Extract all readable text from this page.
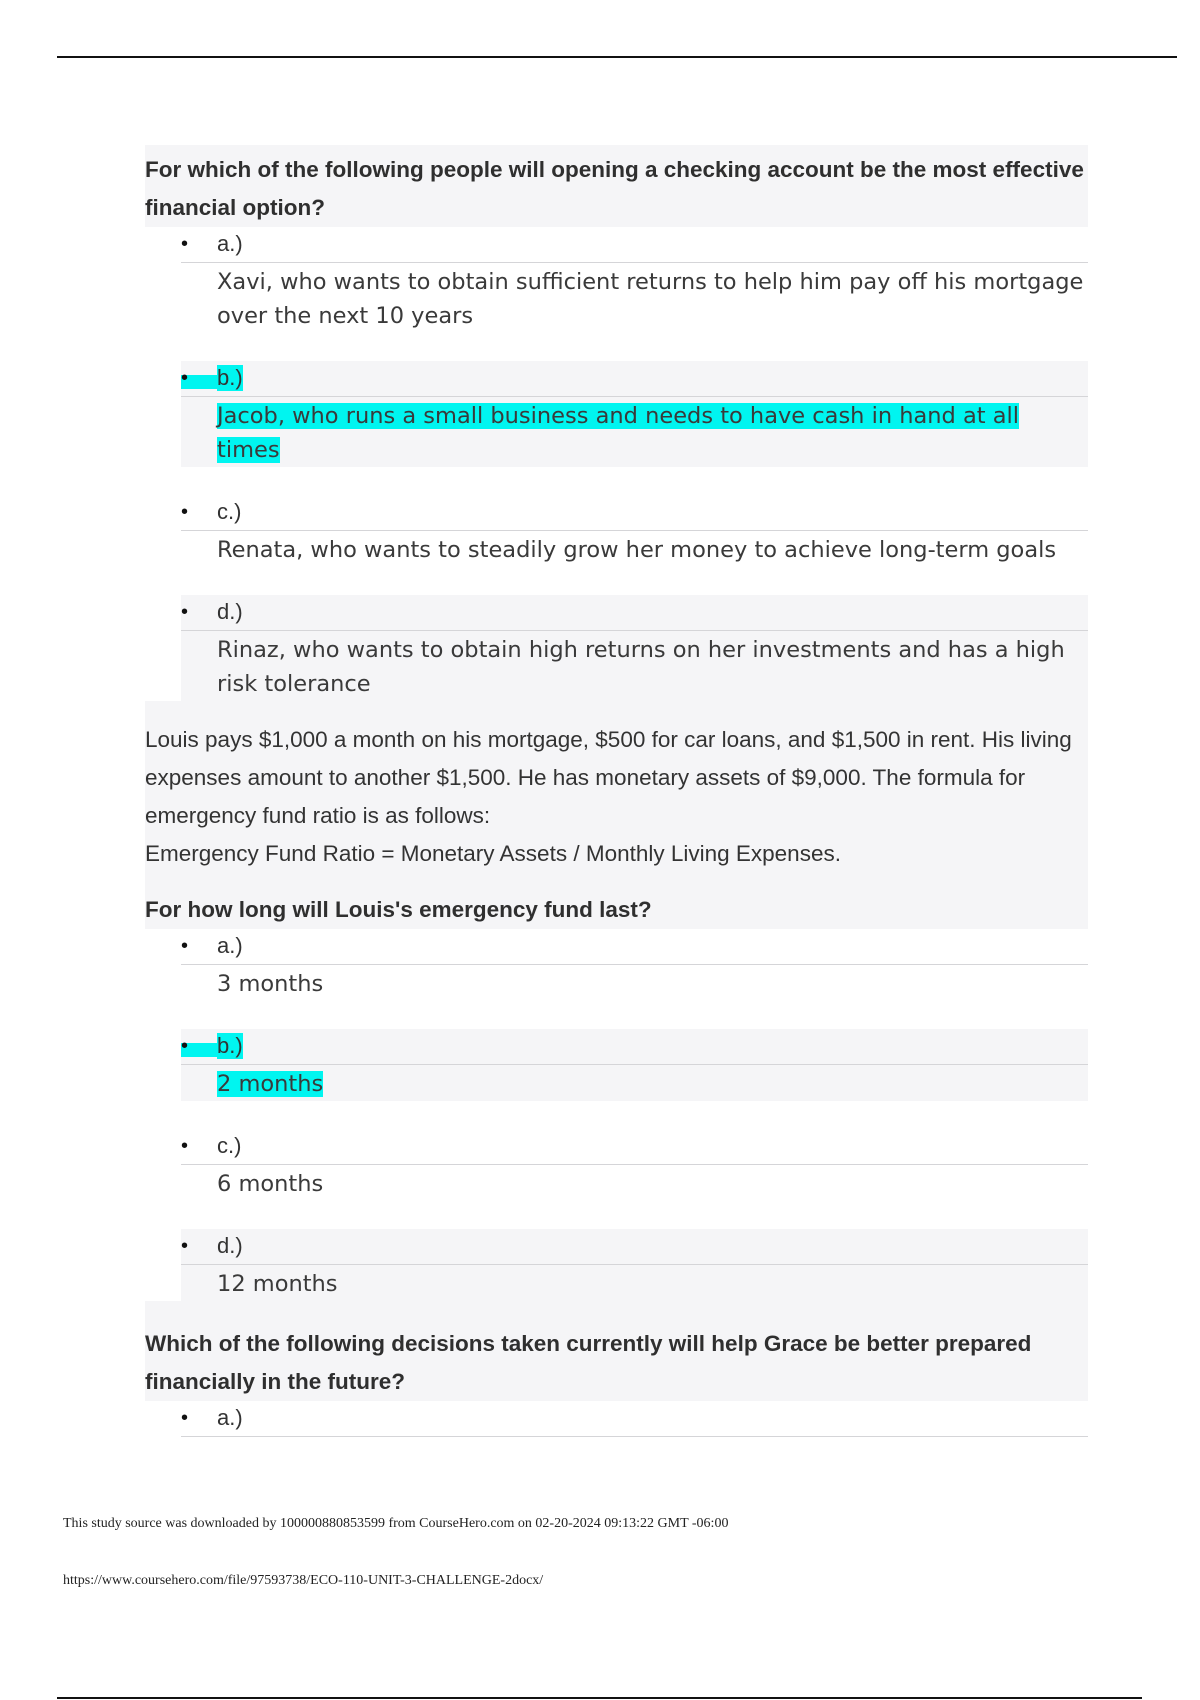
For which of the following people will opening a checking account be the most effective financial option?

• a.)
Xavi, who wants to obtain sufficient returns to help him pay off his mortgage over the next 10 years
• b.)
Jacob, who runs a small business and needs to have cash in hand at all times
• c.)
Renata, who wants to steadily grow her money to achieve long-term goals
• d.)
Rinaz, who wants to obtain high returns on her investments and has a high risk tolerance

Louis pays $1,000 a month on his mortgage, $500 for car loans, and $1,500 in rent. His living expenses amount to another $1,500. He has monetary assets of $9,000. The formula for emergency fund ratio is as follows:

Emergency Fund Ratio = Monetary Assets / Monthly Living Expenses.

For how long will Louis's emergency fund last?

• a.)
3 months
• b.)
2 months
• c.)
6 months
• d.)
12 months

Which of the following decisions taken currently will help Grace be better prepared financially in the future?

• a.)
This study source was downloaded by 100000880853599 from CourseHero.com on 02-20-2024 09:13:22 GMT -06:00
https://www.coursehero.com/file/97593738/ECO-110-UNIT-3-CHALLENGE-2docx/
